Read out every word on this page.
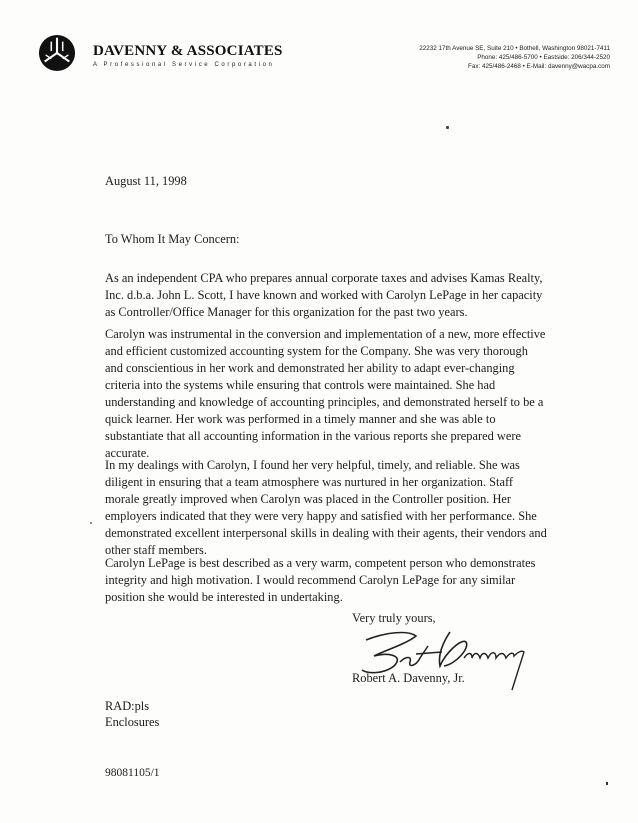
DAVENNY & ASSOCIATES
A Professional Service Corporation
22232 17th Avenue SE, Suite 210 • Bothell, Washington 98021-7411
Phone: 425/486-5700 • Eastside: 206/344-2520
Fax: 425/486-2468 • E-Mail: davenny@wacpa.com
August 11, 1998
To Whom It May Concern:
As an independent CPA who prepares annual corporate taxes and advises Kamas Realty,
Inc. d.b.a. John L. Scott, I have known and worked with Carolyn LePage in her capacity
as Controller/Office Manager for this organization for the past two years.
Carolyn was instrumental in the conversion and implementation of a new, more effective
and efficient customized accounting system for the Company. She was very thorough
and conscientious in her work and demonstrated her ability to adapt ever-changing
criteria into the systems while ensuring that controls were maintained. She had
understanding and knowledge of accounting principles, and demonstrated herself to be a
quick learner. Her work was performed in a timely manner and she was able to
substantiate that all accounting information in the various reports she prepared were
accurate.
In my dealings with Carolyn, I found her very helpful, timely, and reliable. She was
diligent in ensuring that a team atmosphere was nurtured in her organization. Staff
morale greatly improved when Carolyn was placed in the Controller position. Her
employers indicated that they were very happy and satisfied with her performance. She
demonstrated excellent interpersonal skills in dealing with their agents, their vendors and
other staff members.
Carolyn LePage is best described as a very warm, competent person who demonstrates
integrity and high motivation. I would recommend Carolyn LePage for any similar
position she would be interested in undertaking.
Very truly yours,
Robert A. Davenny, Jr.
RAD:pls
Enclosures
98081105/1
